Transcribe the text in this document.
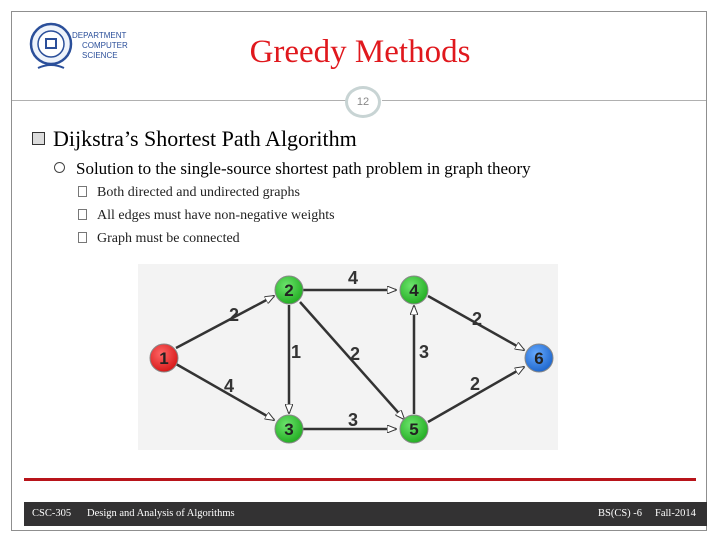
DEPARTMENT
COMPUTER
SCIENCE	Greedy Methods
12
Dijkstra’s Shortest Path Algorithm
Solution to the single-source shortest path problem in graph theory
Both directed and undirected graphs
All edges must have non-negative weights
Graph must be connected
2
4
4
1	2
3
3
2
2
1
2
3
4
5
6
CSC-305 Design and Analysis of Algorithms	BS(CS) -6 Fall-2014
